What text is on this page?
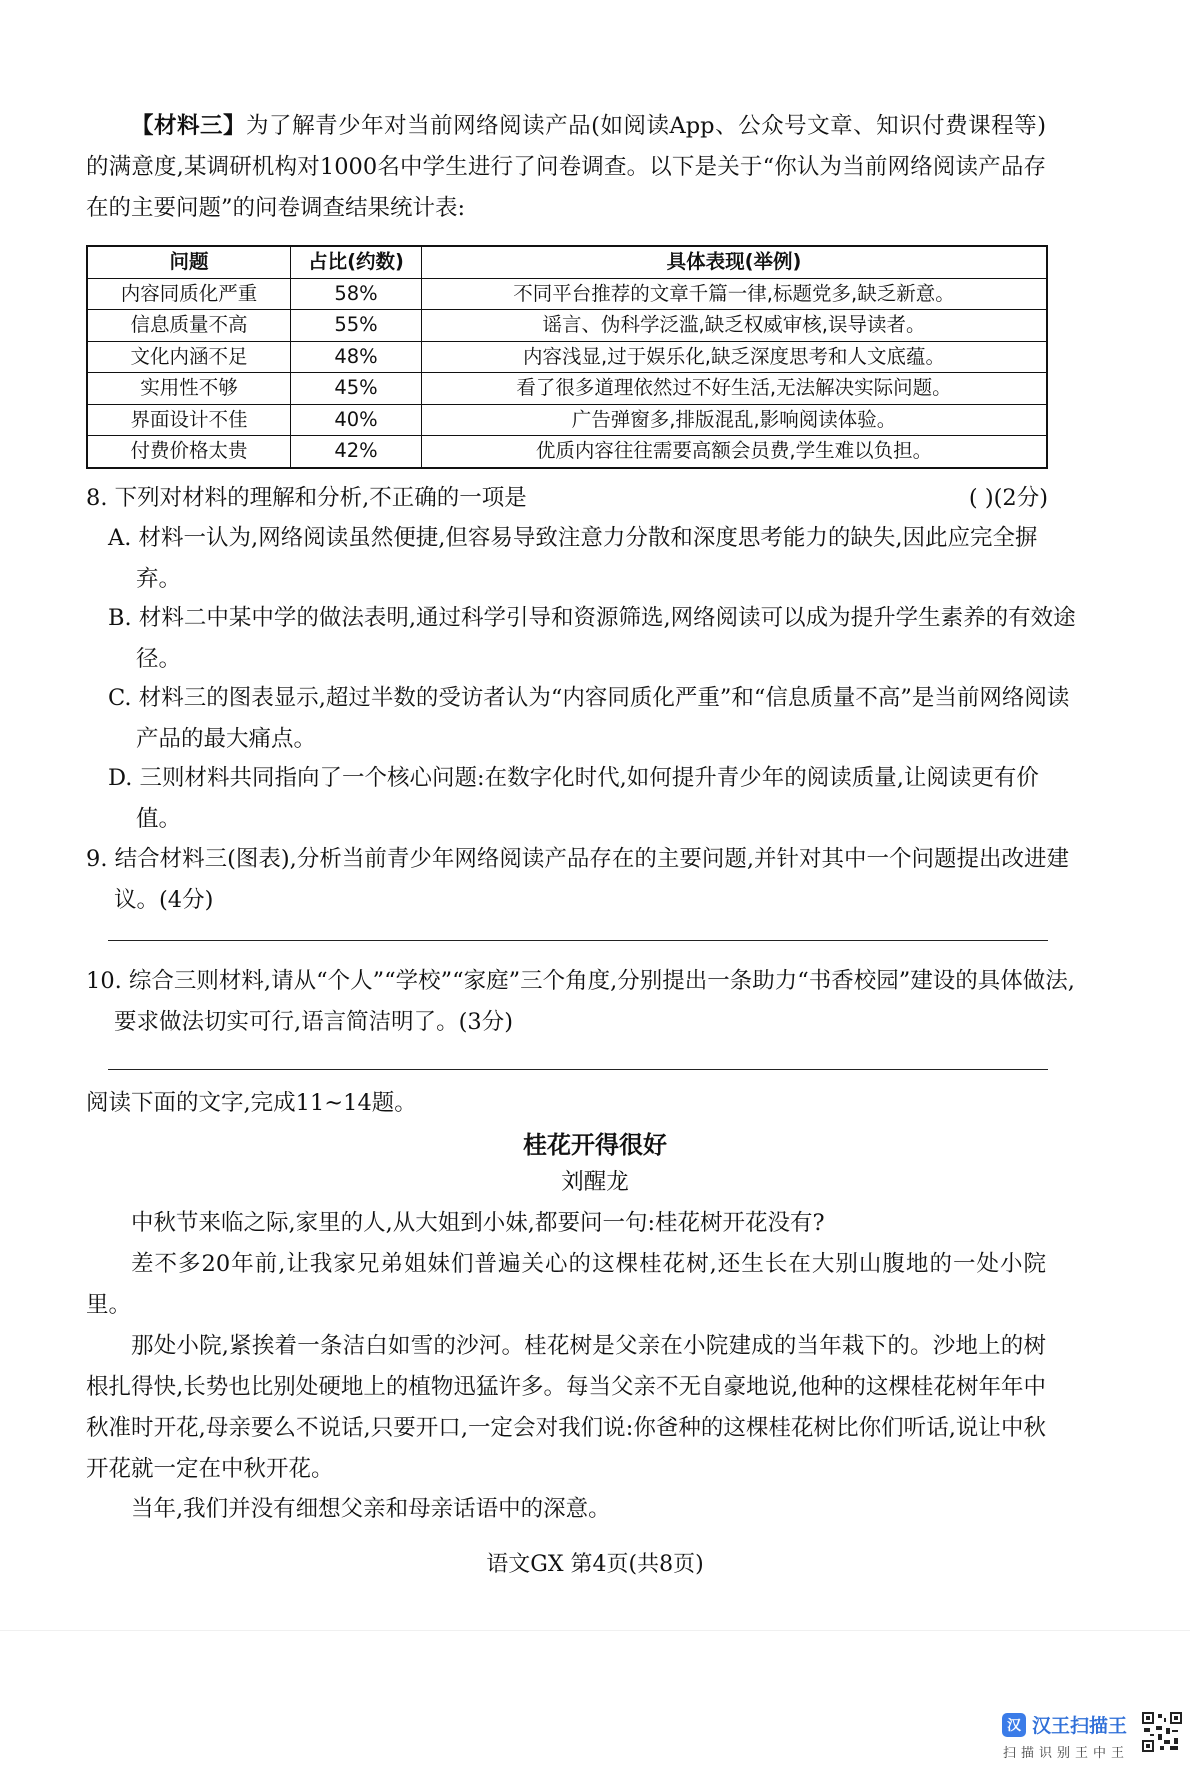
【材料三】为了解青少年对当前网络阅读产品(如阅读App、公众号文章、知识付费课程等)的满意度,某调研机构对1000名中学生进行了问卷调查。以下是关于“你认为当前网络阅读产品存在的主要问题”的问卷调查结果统计表:

问题	占比(约数)	具体表现(举例)
内容同质化严重	58%	不同平台推荐的文章千篇一律,标题党多,缺乏新意。
信息质量不高	55%	谣言、伪科学泛滥,缺乏权威审核,误导读者。
文化内涵不足	48%	内容浅显,过于娱乐化,缺乏深度思考和人文底蕴。
实用性不够	45%	看了很多道理依然过不好生活,无法解决实际问题。
界面设计不佳	40%	广告弹窗多,排版混乱,影响阅读体验。
付费价格太贵	42%	优质内容往往需要高额会员费,学生难以负担。

8. 下列对材料的理解和分析,不正确的一项是	( )(2分)

A. 材料一认为,网络阅读虽然便捷,但容易导致注意力分散和深度思考能力的缺失,因此应完全摒弃。

B. 材料二中某中学的做法表明,通过科学引导和资源筛选,网络阅读可以成为提升学生素养的有效途径。

C. 材料三的图表显示,超过半数的受访者认为“内容同质化严重”和“信息质量不高”是当前网络阅读产品的最大痛点。

D. 三则材料共同指向了一个核心问题:在数字化时代,如何提升青少年的阅读质量,让阅读更有价值。

9. 结合材料三(图表),分析当前青少年网络阅读产品存在的主要问题,并针对其中一个问题提出改进建议。(4分)

10. 综合三则材料,请从“个人”“学校”“家庭”三个角度,分别提出一条助力“书香校园”建设的具体做法,要求做法切实可行,语言简洁明了。(3分)

阅读下面的文字,完成11~14题。

桂花开得很好
刘醒龙

中秋节来临之际,家里的人,从大姐到小妹,都要问一句:桂花树开花没有?

差不多20年前,让我家兄弟姐妹们普遍关心的这棵桂花树,还生长在大别山腹地的一处小院里。

那处小院,紧挨着一条洁白如雪的沙河。桂花树是父亲在小院建成的当年栽下的。沙地上的树根扎得快,长势也比别处硬地上的植物迅猛许多。每当父亲不无自豪地说,他种的这棵桂花树年年中秋准时开花,母亲要么不说话,只要开口,一定会对我们说:你爸种的这棵桂花树比你们听话,说让中秋开花就一定在中秋开花。

当年,我们并没有细想父亲和母亲话语中的深意。

语文GX 第4页(共8页)
汉 汉王扫描王
扫描识别王中王
